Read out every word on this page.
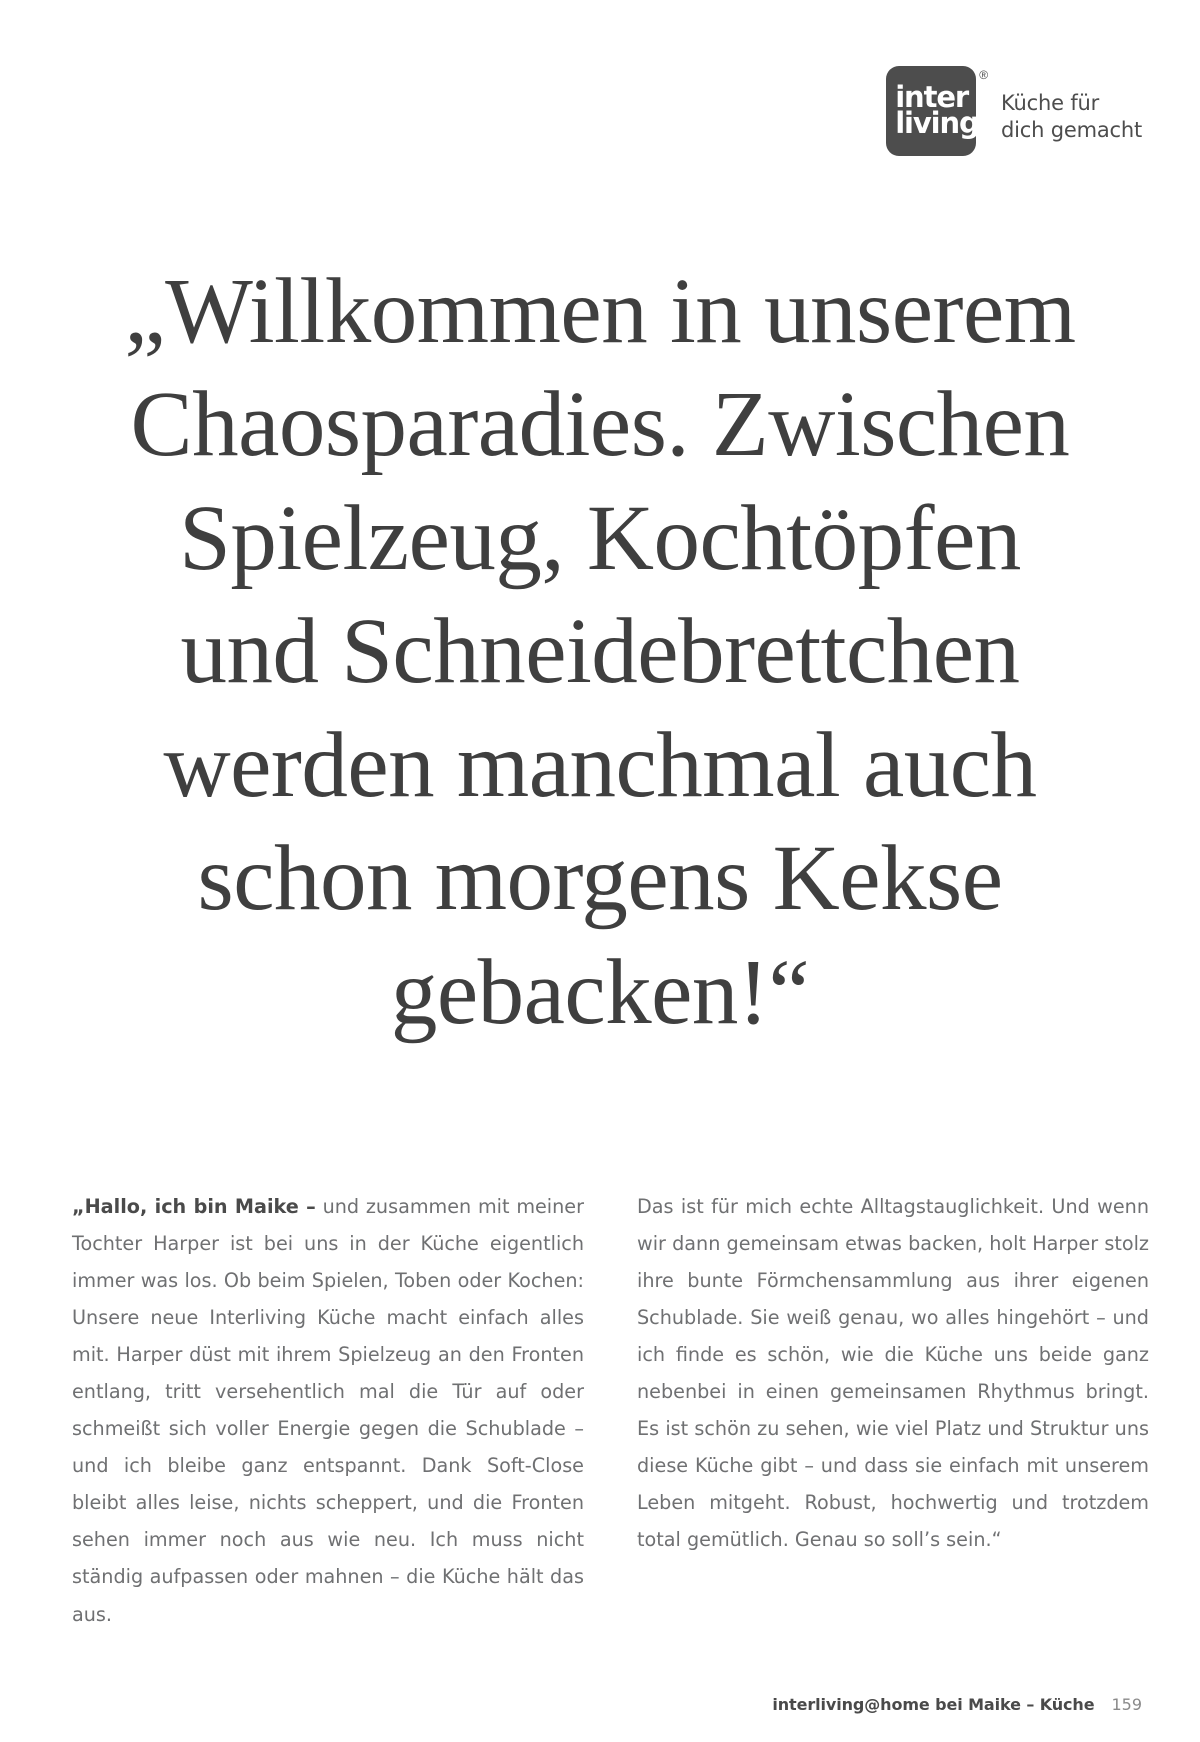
inter
living
®
Küche für
dich gemacht
„Willkommen in unserem
Chaosparadies. Zwischen
Spielzeug, Kochtöpfen
und Schneidebrettchen
werden manchmal auch
schon morgens Kekse
gebacken!“
„Hallo, ich bin Maike – und zusammen mit meiner Tochter Harper ist bei uns in der Küche eigentlich immer was los. Ob beim Spielen, Toben oder Kochen: Unsere neue Interliving Küche macht einfach alles mit. Harper düst mit ihrem Spielzeug an den Fronten entlang, tritt versehentlich mal die Tür auf oder schmeißt sich voller Energie gegen die Schublade – und ich bleibe ganz entspannt. Dank Soft-Close bleibt alles leise, nichts scheppert, und die Fronten sehen immer noch aus wie neu. Ich muss nicht ständig aufpassen oder mahnen – die Küche hält das aus.
Das ist für mich echte Alltagstauglichkeit. Und wenn wir dann gemeinsam etwas backen, holt Harper stolz ihre bunte Förmchensammlung aus ihrer eigenen Schublade. Sie weiß genau, wo alles hingehört – und ich finde es schön, wie die Küche uns beide ganz nebenbei in einen gemeinsamen Rhythmus bringt. Es ist schön zu sehen, wie viel Platz und Struktur uns diese Küche gibt – und dass sie einfach mit unserem Leben mitgeht. Robust, hochwertig und trotzdem total gemütlich. Genau so soll’s sein.“
interliving@home bei Maike – Küche 159
